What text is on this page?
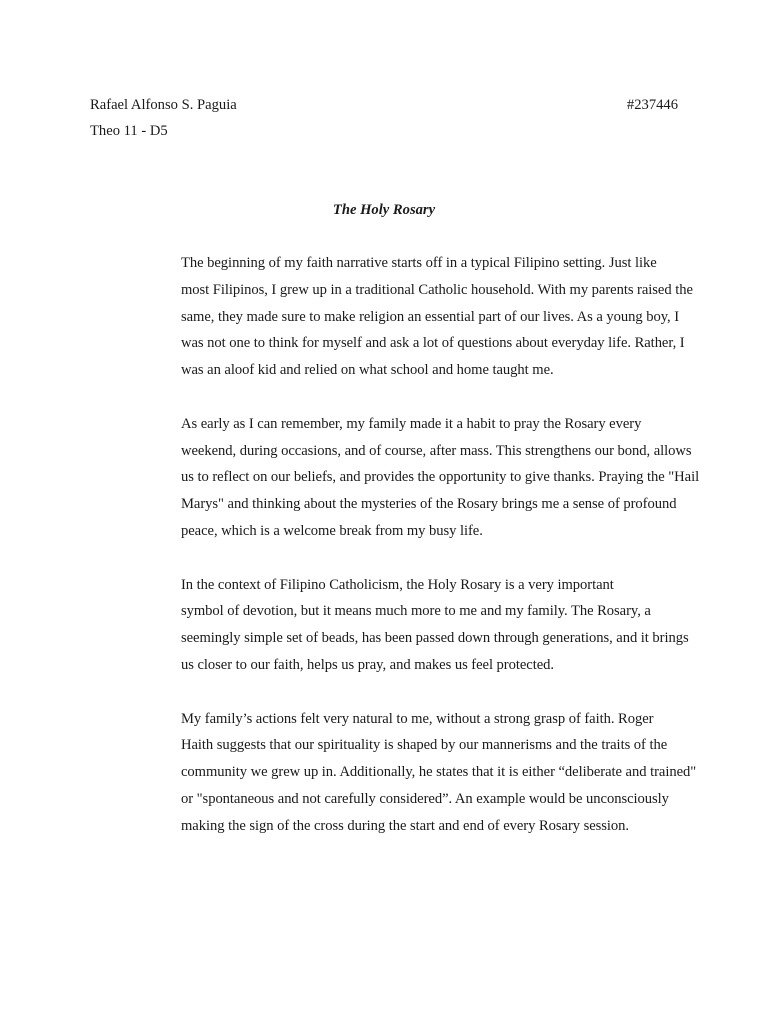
Rafael Alfonso S. Paguia	#237446
Theo 11 - D5
The Holy Rosary

The beginning of my faith narrative starts off in a typical Filipino setting. Just like
most Filipinos, I grew up in a traditional Catholic household. With my parents raised the
same, they made sure to make religion an essential part of our lives. As a young boy, I
was not one to think for myself and ask a lot of questions about everyday life. Rather, I
was an aloof kid and relied on what school and home taught me.

As early as I can remember, my family made it a habit to pray the Rosary every
weekend, during occasions, and of course, after mass. This strengthens our bond, allows
us to reflect on our beliefs, and provides the opportunity to give thanks. Praying the "Hail
Marys" and thinking about the mysteries of the Rosary brings me a sense of profound
peace, which is a welcome break from my busy life.

In the context of Filipino Catholicism, the Holy Rosary is a very important
symbol of devotion, but it means much more to me and my family. The Rosary, a
seemingly simple set of beads, has been passed down through generations, and it brings
us closer to our faith, helps us pray, and makes us feel protected.

My family’s actions felt very natural to me, without a strong grasp of faith. Roger
Haith suggests that our spirituality is shaped by our mannerisms and the traits of the
community we grew up in. Additionally, he states that it is either “deliberate and trained"
or "spontaneous and not carefully considered”. An example would be unconsciously
making the sign of the cross during the start and end of every Rosary session.
